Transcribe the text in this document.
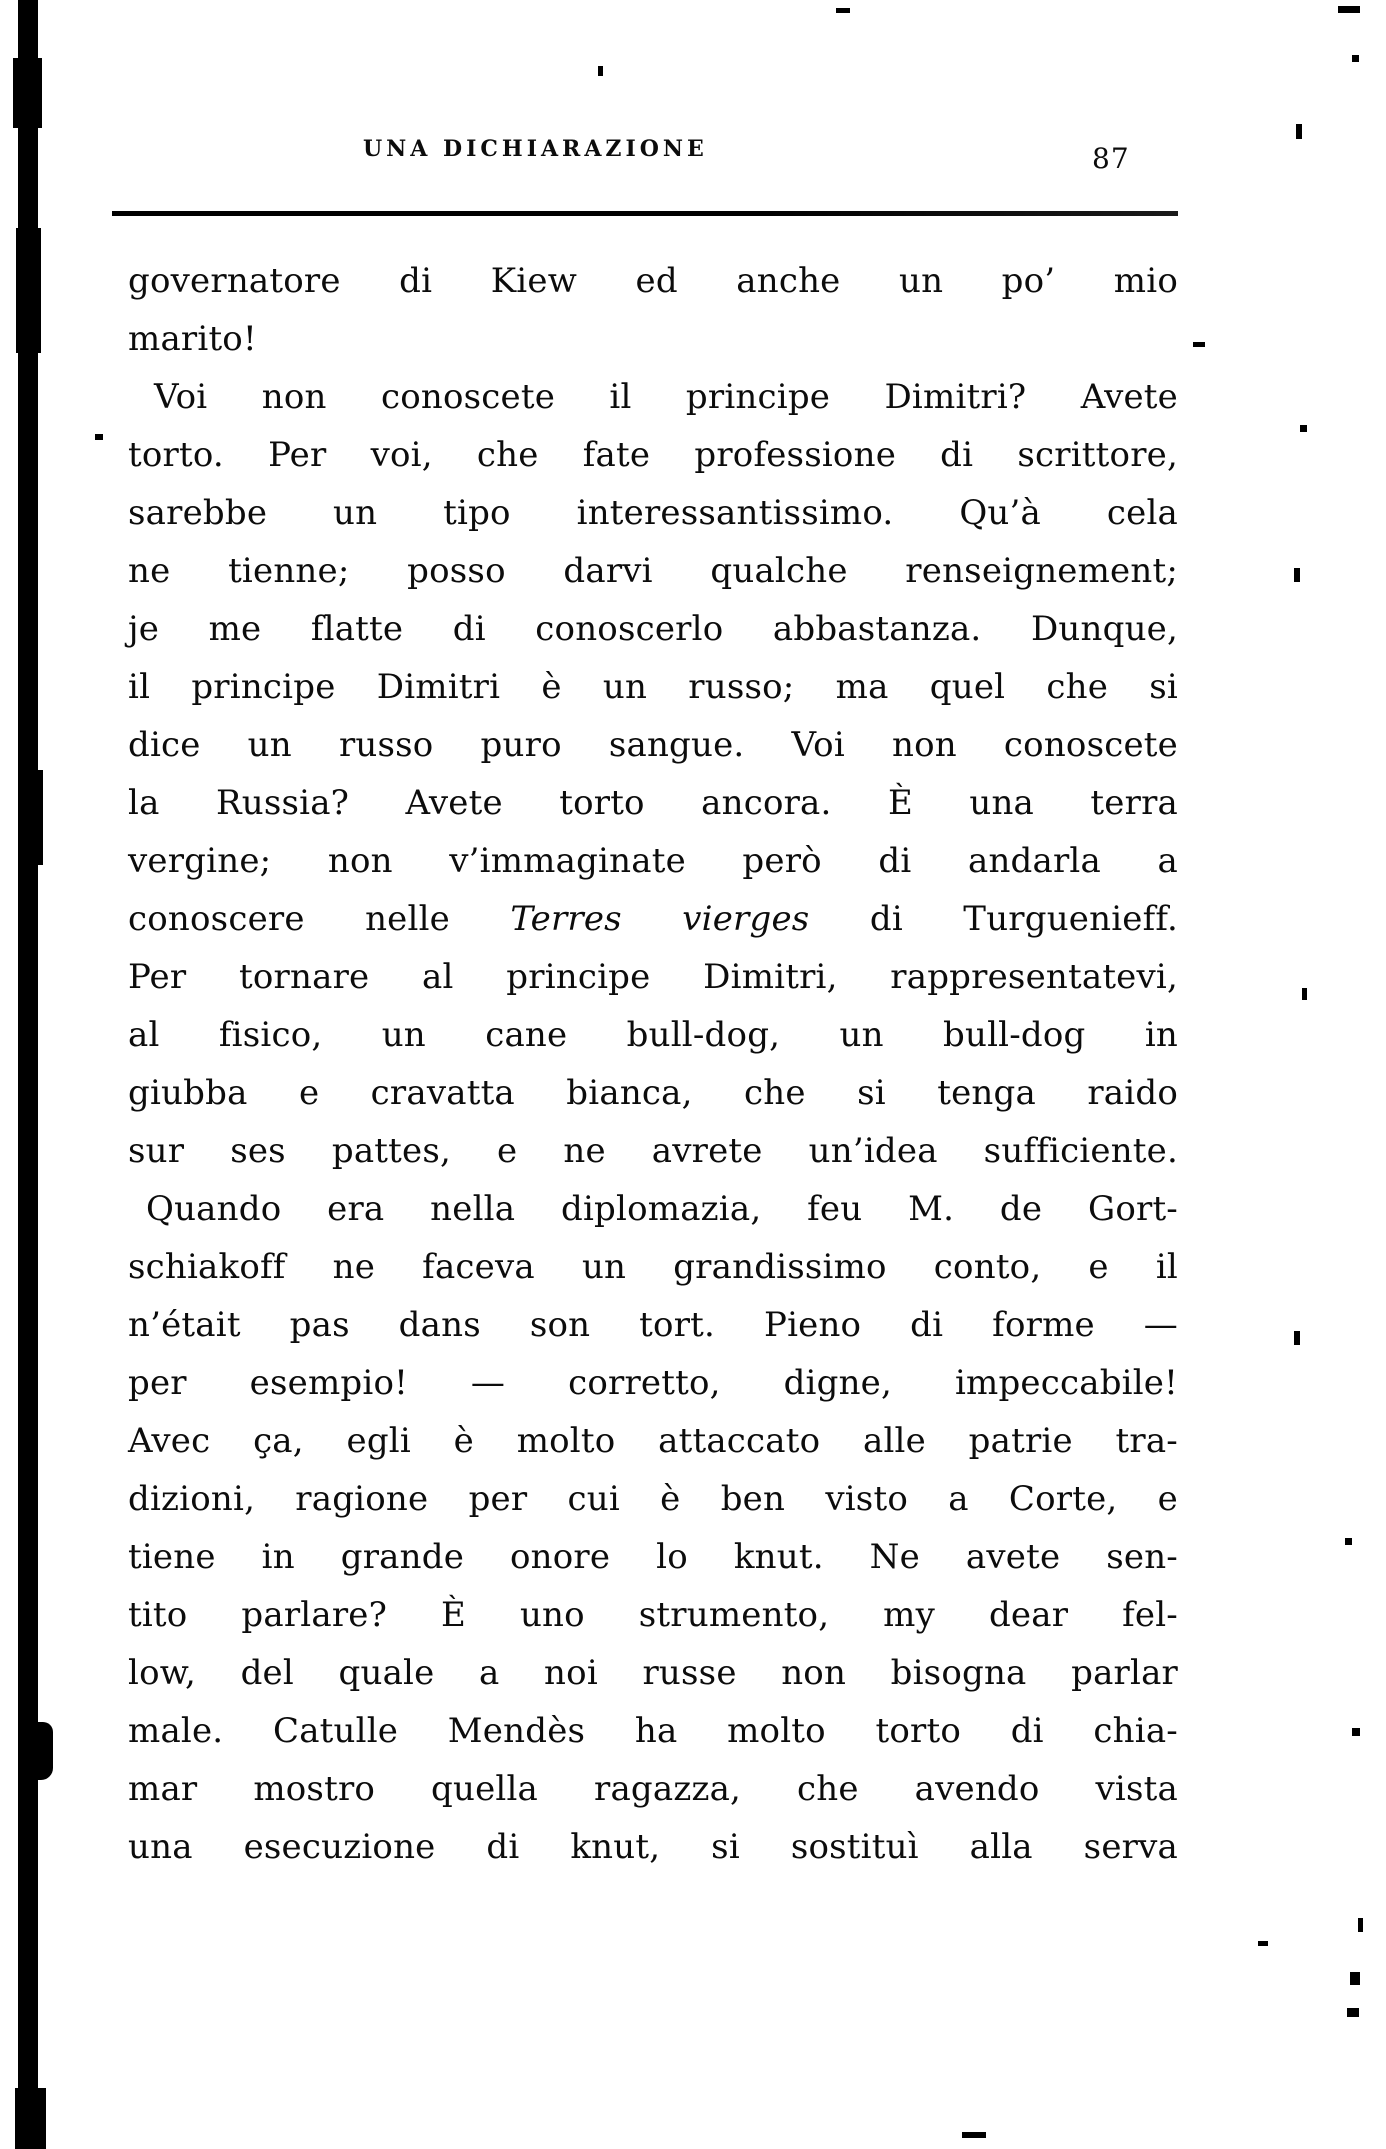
UNA DICHIARAZIONE	87
governatore di Kiew ed anche un po’ mio
marito!
Voi non conoscete il principe Dimitri? Avete
torto. Per voi, che fate professione di scrittore,
sarebbe un tipo interessantissimo. Qu’à cela
ne tienne; posso darvi qualche renseignement;
je me flatte di conoscerlo abbastanza. Dunque,
il principe Dimitri è un russo; ma quel che si
dice un russo puro sangue. Voi non conoscete
la Russia? Avete torto ancora. È una terra
vergine; non v’immaginate però di andarla a
conoscere nelle Terres vierges di Turguenieff.
Per tornare al principe Dimitri, rappresentatevi,
al fisico, un cane bull-dog, un bull-dog in
giubba e cravatta bianca, che si tenga raido
sur ses pattes, e ne avrete un’idea sufficiente.
Quando era nella diplomazia, feu M. de Gort-
schiakoff ne faceva un grandissimo conto, e il
n’était pas dans son tort. Pieno di forme —
per esempio! — corretto, digne, impeccabile!
Avec ça, egli è molto attaccato alle patrie tra-
dizioni, ragione per cui è ben visto a Corte, e
tiene in grande onore lo knut. Ne avete sen-
tito parlare? È uno strumento, my dear fel-
low, del quale a noi russe non bisogna parlar
male. Catulle Mendès ha molto torto di chia-
mar mostro quella ragazza, che avendo vista
una esecuzione di knut, si sostituì alla serva
